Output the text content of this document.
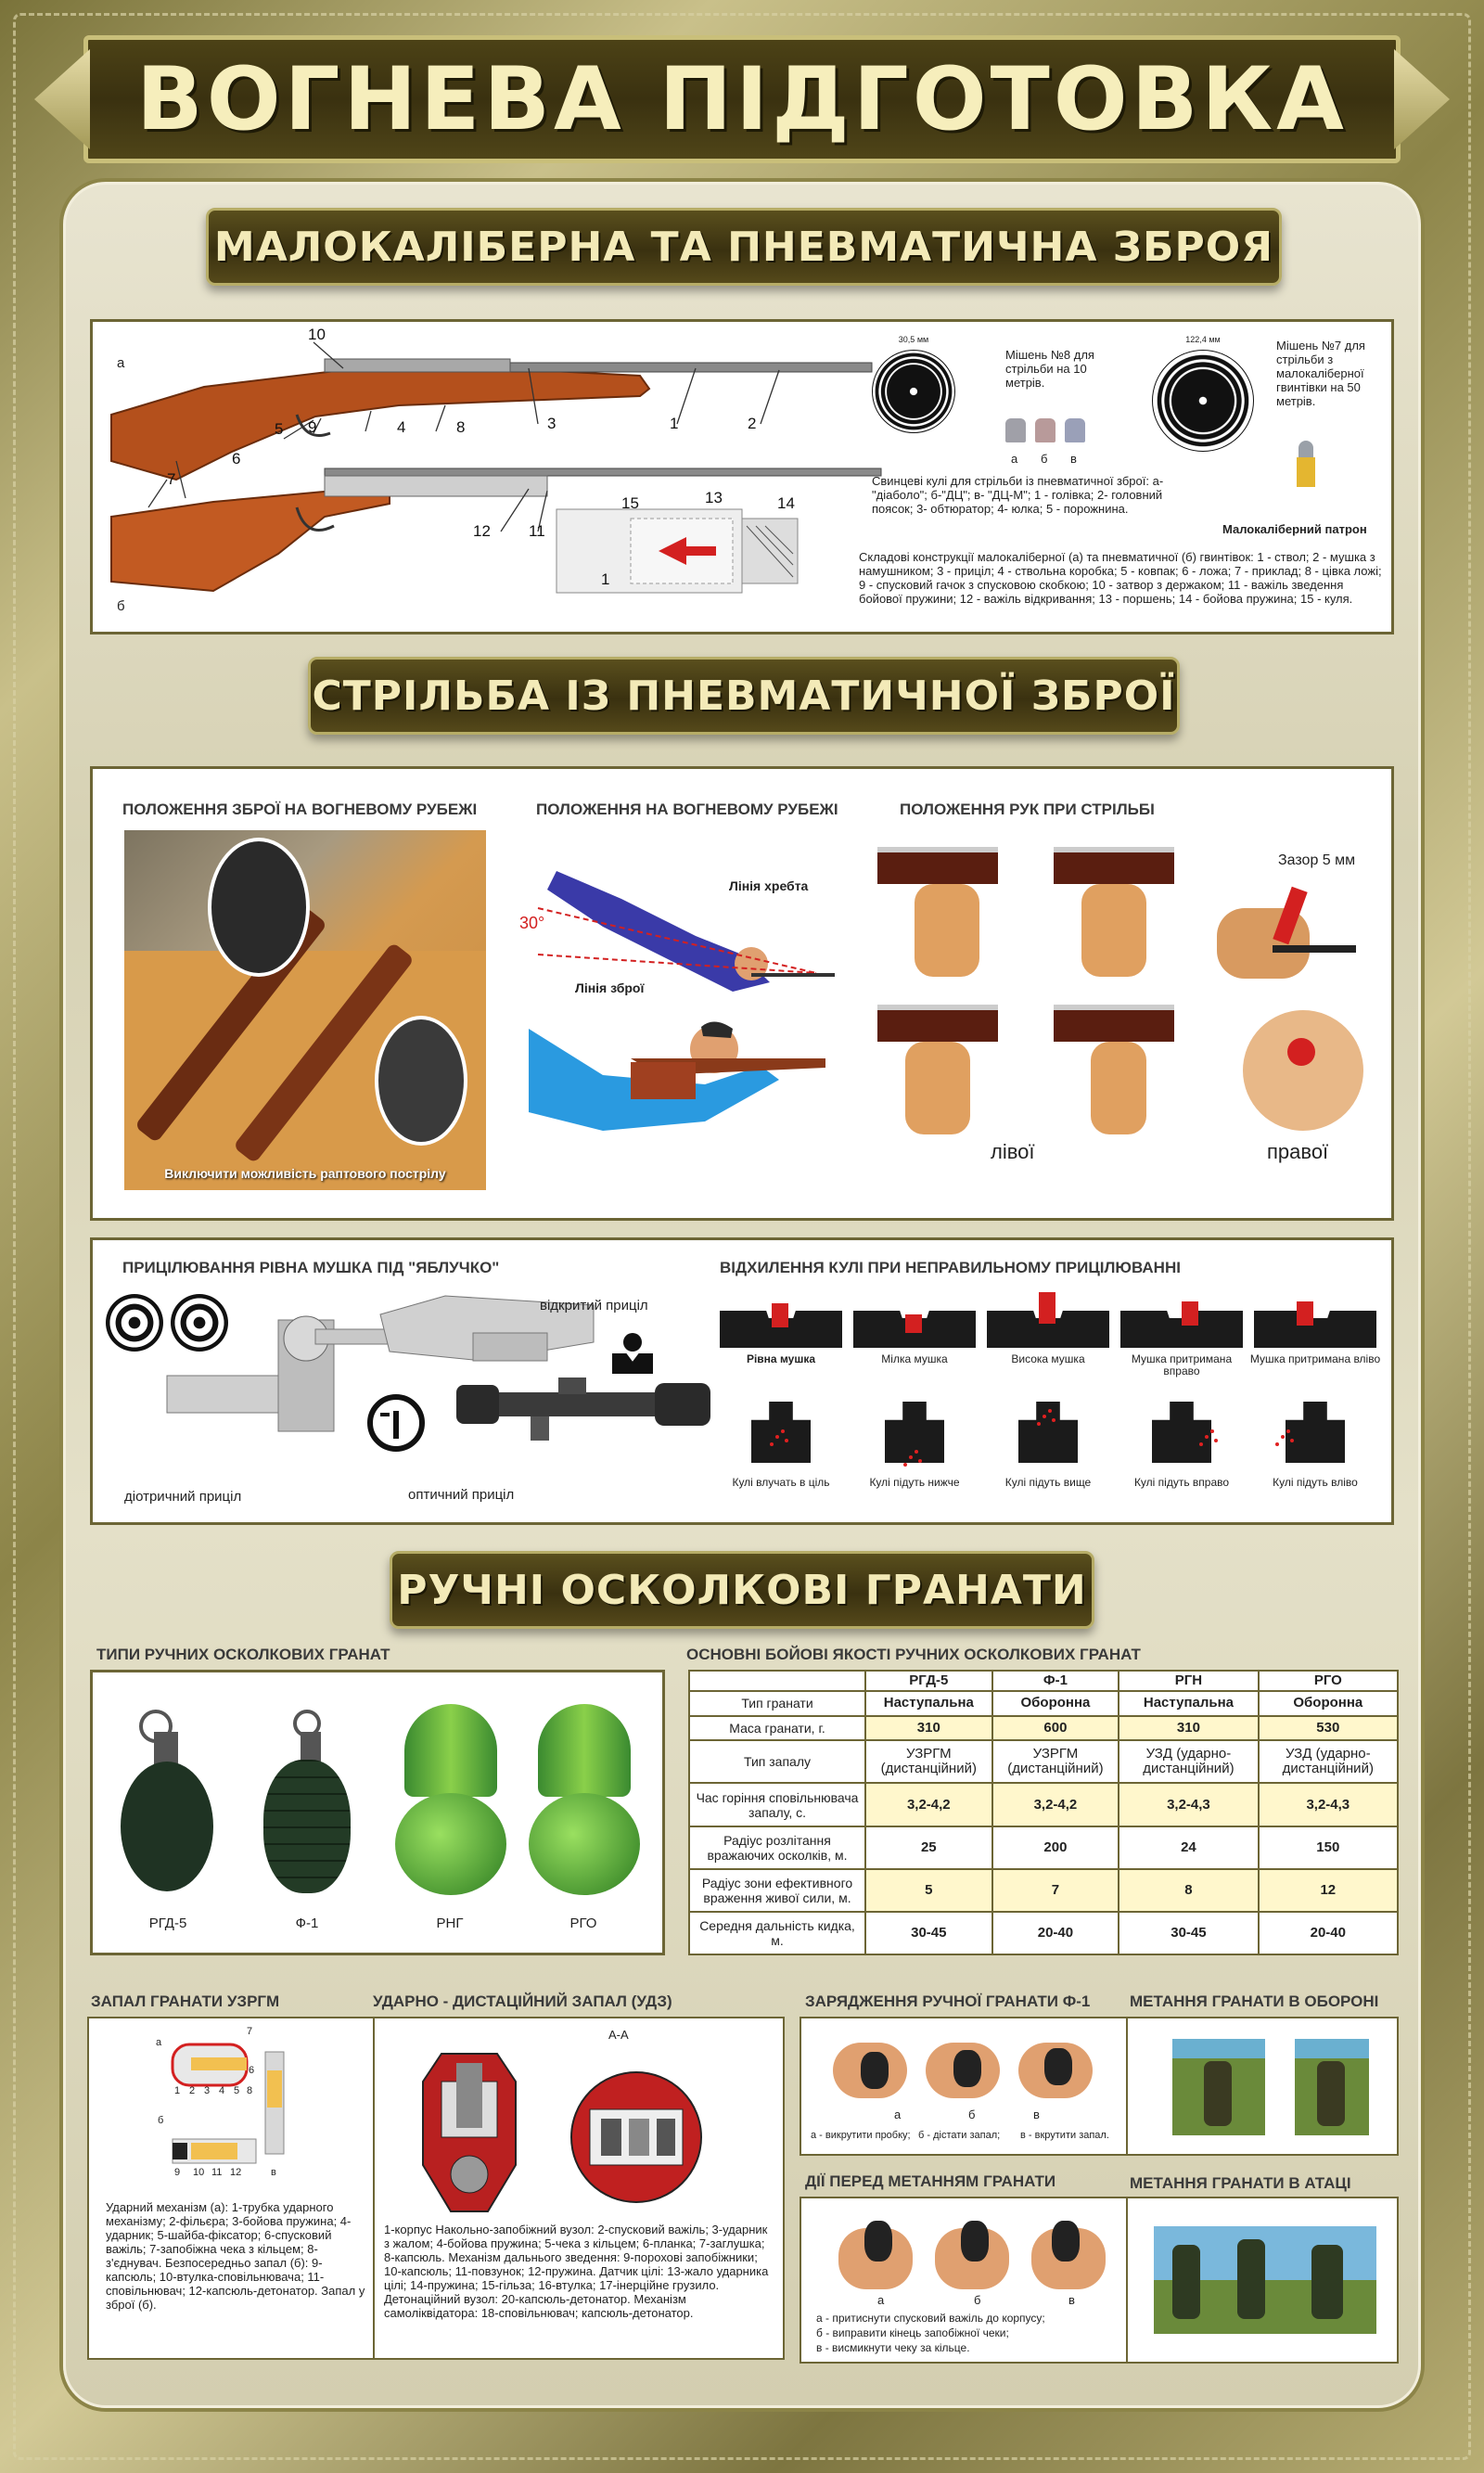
ВОГНЕВА ПІДГОТОВКА
МАЛОКАЛІБЕРНА ТА ПНЕВМАТИЧНА ЗБРОЯ
а
б
10
9
5	4	8	3	1	2
6
7
12 11
15	13	14
1
30,5 мм
Мішень №8 для стрільби на 10 метрів.
а б в
122,4 мм	Мішень №7 для стрільби з малокаліберної гвинтівки на 50 метрів.
Малокаліберний патрон
Свинцеві кулі для стрільби із пневматичної зброї: а- "діаболо"; б-"ДЦ"; в- "ДЦ-М"; 1 - голівка; 2- головний поясок; 3- обтюратор; 4- юлка; 5 - порожнина.
Складові конструкції малокаліберної (а) та пневматичної (б) гвинтівок: 1 - ствол; 2 - мушка з намушником; 3 - приціл; 4 - ствольна коробка; 5 - ковпак; 6 - ложа; 7 - приклад; 8 - цівка ложі; 9 - спусковий гачок з спусковою скобкою; 10 - затвор з держаком; 11 - важіль зведення бойової пружини; 12 - важіль відкривання; 13 - поршень; 14 - бойова пружина; 15 - куля.
СТРІЛЬБА ІЗ ПНЕВМАТИЧНОЇ ЗБРОЇ
ПОЛОЖЕННЯ ЗБРОЇ НА ВОГНЕВОМУ РУБЕЖІ
Виключити можливість раптового пострілу
ПОЛОЖЕННЯ НА ВОГНЕВОМУ РУБЕЖІ
Лінія хребта
Лінія зброї
30°
ПОЛОЖЕННЯ РУК ПРИ СТРІЛЬБІ
Зазор 5 мм
лівої	правої
ПРИЦІЛЮВАННЯ РІВНА МУШКА ПІД "ЯБЛУЧКО"
відкритий приціл
діотричний приціл	оптичний приціл
ВІДХИЛЕННЯ КУЛІ ПРИ НЕПРАВИЛЬНОМУ ПРИЦІЛЮВАННІ
Рівна мушка
Кулі влучать в ціль
Мілка мушка
Кулі підуть нижче
Висока мушка
Кулі підуть вище
Мушка притримана вправо
Кулі підуть вправо
Мушка притримана вліво
Кулі підуть вліво
РУЧНІ ОСКОЛКОВІ ГРАНАТИ
ТИПИ РУЧНИХ ОСКОЛКОВИХ ГРАНАТ
РГД-5	Ф-1	РНГ	РГО
ОСНОВНІ БОЙОВІ ЯКОСТІ РУЧНИХ ОСКОЛКОВИХ ГРАНАТ
	РГД-5	Ф-1	РГН	РГО
Тип гранати	Наступальна	Оборонна	Наступальна	Оборонна
Маса гранати, г.	310	600	310	530
Тип запалу	УЗРГМ (дистанційний)	УЗРГМ (дистанційний)	УЗД (ударно-дистанційний)	УЗД (ударно-дистанційний)
Час горіння сповільнювача запалу, с.	3,2-4,2	3,2-4,2	3,2-4,3	3,2-4,3
Радіус розлітання вражаючих осколків, м.	25	200	24	150
Радіус зони ефективного враження живої сили, м.	5	7	8	12
Середня дальність кидка, м.	30-45	20-40	30-45	20-40
ЗАПАЛ ГРАНАТИ УЗРГМ	УДАРНО - ДИСТАЦІЙНИЙ ЗАПАЛ (УДЗ)
7
а
6
1 2 3 4 5 8
б
9 10 11 12	в
Ударний механізм (а): 1-трубка ударного механізму; 2-фільєра; 3-бойова пружина; 4-ударник; 5-шайба-фіксатор; 6-спусковий важіль; 7-запобіжна чека з кільцем; 8-з'єднувач. Безпосередньо запал (б): 9-капсюль; 10-втулка-сповільнювача; 11-сповільнювач; 12-капсюль-детонатор. Запал у зброї (б).
А-А
1-корпус Накольно-запобіжний вузол: 2-спусковий важіль; 3-ударник з жалом; 4-бойова пружина; 5-чека з кільцем; 6-планка; 7-заглушка; 8-капсюль. Механізм дальнього зведення: 9-порохові запобіжники; 10-капсюль; 11-повзунок; 12-пружина. Датчик цілі: 13-жало ударника цілі; 14-пружина; 15-гільза; 16-втулка; 17-інерційне грузило. Детонаційний вузол: 20-капсюль-детонатор. Механізм самоліквідатора: 18-сповільнювач; капсюль-детонатор.
ЗАРЯДЖЕННЯ РУЧНОЇ ГРАНАТИ Ф-1	МЕТАННЯ ГРАНАТИ В ОБОРОНІ
а	б	в
а - викрутити пробку; б - дістати запал; в - вкрутити запал.
ДІЇ ПЕРЕД МЕТАННЯМ ГРАНАТИ	МЕТАННЯ ГРАНАТИ В АТАЦІ
а	б	в
а - притиснути спусковий важіль до корпусу;
б - виправити кінець запобіжної чеки;
в - висмикнути чеку за кільце.
